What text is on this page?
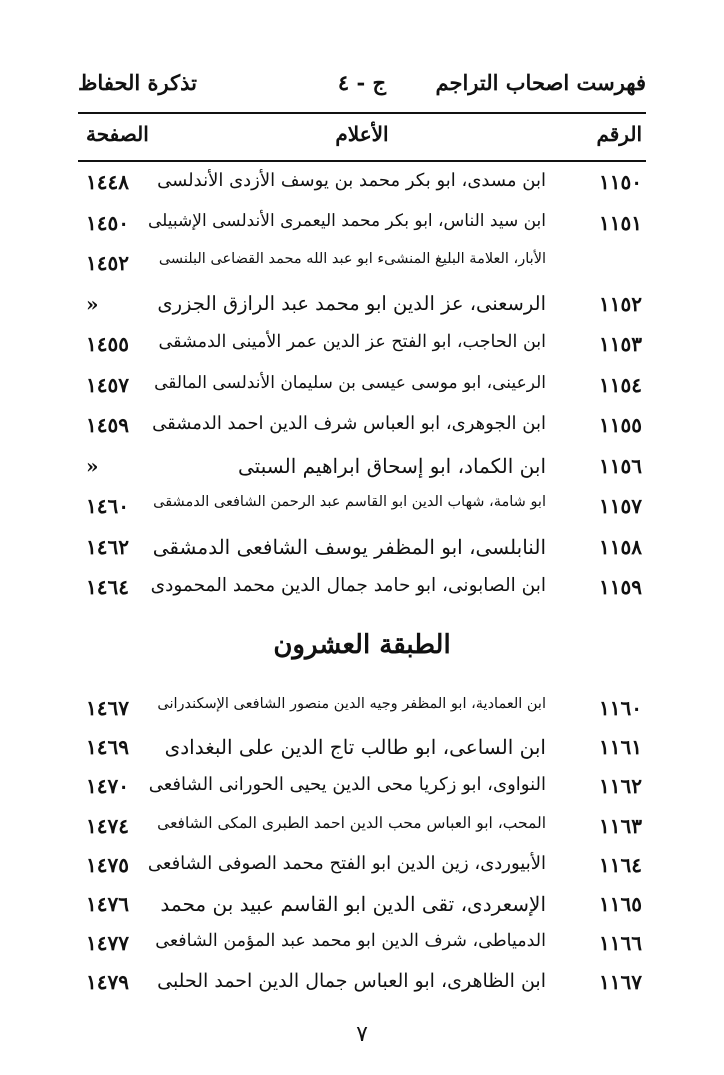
فهرست اصحاب التراجم
ج - ٤
تذكرة الحفاظ
الرقم
الأعلام
الصفحة
١١٥٠
ابن مسدى، ابو بكر محمد بن يوسف الأزدى الأندلسى
١٤٤٨
١١٥١
ابن سيد الناس، ابو بكر محمد اليعمرى الأندلسى الإشبيلى
١٤٥٠
الأبار، العلامة البليغ المنشىء ابو عبد الله محمد القضاعى البلنسى
١٤٥٢
١١٥٢
الرسعنى، عز الدين ابو محمد عبد الرازق الجزرى
»
١١٥٣
ابن الحاجب، ابو الفتح عز الدين عمر الأمينى الدمشقى
١٤٥٥
١١٥٤
الرعينى، ابو موسى عيسى بن سليمان الأندلسى المالقى
١٤٥٧
١١٥٥
ابن الجوهرى، ابو العباس شرف الدين احمد الدمشقى
١٤٥٩
١١٥٦
ابن الكماد، ابو إسحاق ابراهيم السبتى
»
١١٥٧
ابو شامة، شهاب الدين ابو القاسم عبد الرحمن الشافعى الدمشقى
١٤٦٠
١١٥٨
النابلسى، ابو المظفر يوسف الشافعى الدمشقى
١٤٦٢
١١٥٩
ابن الصابونى، ابو حامد جمال الدين محمد المحمودى
١٤٦٤
١١٦٠
ابن العمادية، ابو المظفر وجيه الدين منصور الشافعى الإسكندرانى
١٤٦٧
١١٦١
ابن الساعى، ابو طالب تاج الدين على البغدادى
١٤٦٩
١١٦٢
النواوى، ابو زكريا محى الدين يحيى الحورانى الشافعى
١٤٧٠
١١٦٣
المحب، ابو العباس محب الدين احمد الطبرى المكى الشافعى
١٤٧٤
١١٦٤
الأبيوردى، زين الدين ابو الفتح محمد الصوفى الشافعى
١٤٧٥
١١٦٥
الإسعردى، تقى الدين ابو القاسم عبيد بن محمد
١٤٧٦
١١٦٦
الدمياطى، شرف الدين ابو محمد عبد المؤمن الشافعى
١٤٧٧
١١٦٧
ابن الظاهرى، ابو العباس جمال الدين احمد الحلبى
١٤٧٩
الطبقة العشرون
٧
